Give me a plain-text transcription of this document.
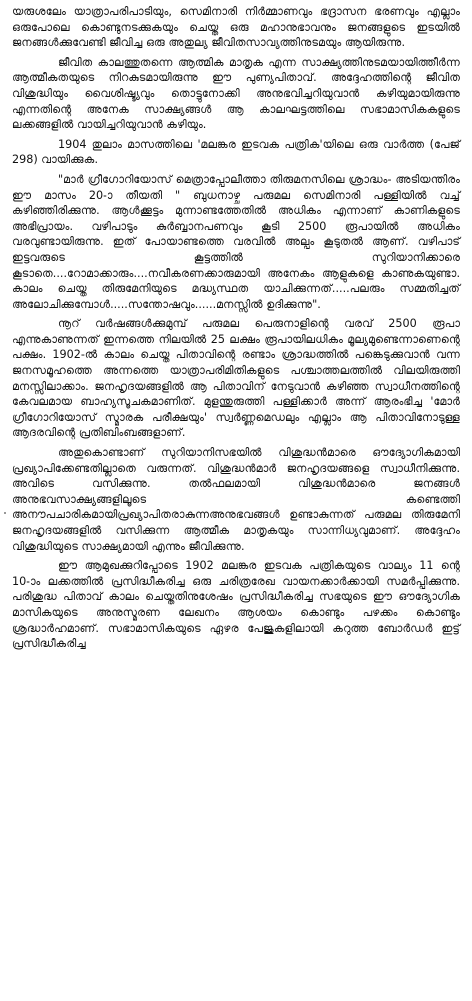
യരുശലേം യാത്രാപരിപാടിയും, സെമിനാരി നിർമ്മാണവും ഭദ്രാസന ഭരണവും എല്ലാം ഒരുപോലെ കൊണ്ടുനടക്കുകയും ചെയ്ത ഒരു മഹാനുഭാവനും ജനങ്ങളുടെ ഇടയിൽ ജനങ്ങൾക്കുവേണ്ടി ജീവിച്ച ഒരു അതുല്യ ജീവിതസാവ്യത്തിനുടമയും ആയിരുന്നു.

ജീവിത കാലത്തുതന്നെ ആത്മിക മാതൃക എന്ന സാക്ഷ്യത്തിനുടമയായിത്തീർന്ന ആത്മീകതയുടെ നിറകുടമായിരുന്നു ഈ പുണ്യപിതാവ്. അദ്ദേഹത്തിന്റെ ജീവിത വിശുദ്ധിയും വൈശിഷ്ട്യവും തൊട്ടുനോക്കി അനുഭവിച്ചറിയുവാൻ കഴിയുമായിരുന്നു എന്നതിന്റെ അനേക സാക്ഷ്യങ്ങൾ ആ കാലഘട്ടത്തിലെ സഭാമാസികകളുടെ ലക്കങ്ങളിൽ വായിച്ചറിയുവാൻ കഴിയും.

1904 തുലാം മാസത്തിലെ 'മലങ്കര ഇടവക പത്രിക'യിലെ ഒരു വാർത്ത (പേജ് 298) വായിക്കുക.

"മാർ ഗ്രീഗോറിയോസ് മെത്രാപ്പോലീത്താ തിരുമനസിലെ ശ്രാദ്ധം- അടിയന്തിരം ഈ മാസം 20-ാ തീയതി " ബുധനാഴ്ച പരുമല സെമിനാരി പള്ളിയിൽ വച്ച് കഴിഞ്ഞിരിക്കുന്നു. ആൾക്കൂട്ടം മുന്നാണ്ടത്തേതിൽ അധികം എന്നാണ് കാണികളുടെ അഭിപ്രായം. വഴിപാടും കുർബ്ബാനപണവും കൂടി 2500 രൂപായിൽ അധികം വരവുണ്ടായിരുന്നു. ഇത് പോയാണ്ടത്തെ വരവിൽ അല്പം കൂടുതൽ ആണ്. വഴിപാട് ഇട്ടവരുടെ കൂട്ടത്തിൽ സുറിയാനിക്കാരെ കൂടാതെ....റോമാക്കാരും....നവീകരണക്കാരുമായി അനേകം ആളുകളെ കാണുകയുണ്ടാ. കാലം ചെയ്ത തിരുമേനിയുടെ മദ്ധ്യസ്ഥത യാചിക്കുന്നത്.....പലരും സമ്മതിച്ചത് അലോചിക്കുമ്പോൾ.....സന്തോഷവും......മനസ്സിൽ ഉദിക്കുന്നു".

നൂറ് വർഷങ്ങൾക്കുമുമ്പ് പരുമല പെരുനാളിന്റെ വരവ് 2500 രൂപാ എന്നുകാണുന്നത് ഇന്നത്തെ നിലയിൽ 25 ലക്ഷം രൂപായിലധികം മൂല്യമുണ്ടെന്നാണെന്റെ പക്ഷം. 1902-ൽ കാലം ചെയ്ത പിതാവിന്റെ രണ്ടാം ശ്രാദ്ധത്തിൽ പങ്കെടുക്കുവാൻ വന്ന ജനസമൂഹത്തെ അന്നത്തെ യാത്രാപരിമിതികളുടെ പശ്ചാത്തലത്തിൽ വിലയിരുത്തി മനസ്സിലാക്കാം. ജനഹൃദയങ്ങളിൽ ആ പിതാവിന് നേടുവാൻ കഴിഞ്ഞ സ്വാധീനത്തിന്റെ കേവലമായ ബാഹ്യസൂചകമാണിത്. മുളന്തുരുത്തി പള്ളിക്കാർ അന്ന് ആരംഭിച്ച 'മോർ ഗ്രീഗോറിയോസ് സ്മാരക പരീക്ഷയും' സ്വർണ്ണമെഡലും എല്ലാം ആ പിതാവിനോടുള്ള ആദരവിന്റെ പ്രതിബിംബങ്ങളാണ്.

അതുകൊണ്ടാണ് സുറിയാനിസഭയിൽ വിശുദ്ധൻമാരെ ഔദ്യോഗികമായി പ്രഖ്യാപിക്കേണ്ടതില്ലാതെ വരുന്നത്. വിശുദ്ധൻമാർ ജനഹൃദയങ്ങളെ സ്വാധീനിക്കുന്നു. അവിടെ വസിക്കുന്നു. തൽഫലമായി വിശുദ്ധൻമാരെ ജനങ്ങൾ അനുഭവസാക്ഷ്യങ്ങളിലൂടെ കണ്ടെത്തി അനൗപചാരികമായിപ്രഖ്യാപിതരാകുന്നഅനുഭവങ്ങൾ ഉണ്ടാകുന്നത് പരുമല തിരുമേനി ജനഹൃദയങ്ങളിൽ വസിക്കുന്ന ആത്മീക മാതൃകയും സാന്നിധ്യവുമാണ്. അദ്ദേഹം വിശുദ്ധിയുടെ സാക്ഷ്യമായി എന്നും ജീവിക്കുന്നു.

ഈ ആമുഖക്കുറിപ്പോടെ 1902 മലങ്കര ഇടവക പത്രികയുടെ വാല്യം 11 ന്റെ 10-ാം ലക്കത്തിൽ പ്രസിദ്ധീകരിച്ച ഒരു ചരിത്രരേഖ വായനക്കാർക്കായി സമർപ്പിക്കുന്നു. പരിശുദ്ധ പിതാവ് കാലം ചെയ്തതിനുശേഷം പ്രസിദ്ധീകരിച്ച സഭയുടെ ഈ ഔദ്യോഗിക മാസികയുടെ അനുസ്മരണ ലേഖനം ആശയം കൊണ്ടും പഴക്കം കൊണ്ടും ശ്രദ്ധാർഹമാണ്. സഭാമാസികയുടെ ഏഴര പേജുകളിലായി കറുത്ത ബോർഡർ ഇട്ട് പ്രസിദ്ധീകരിച്ച
